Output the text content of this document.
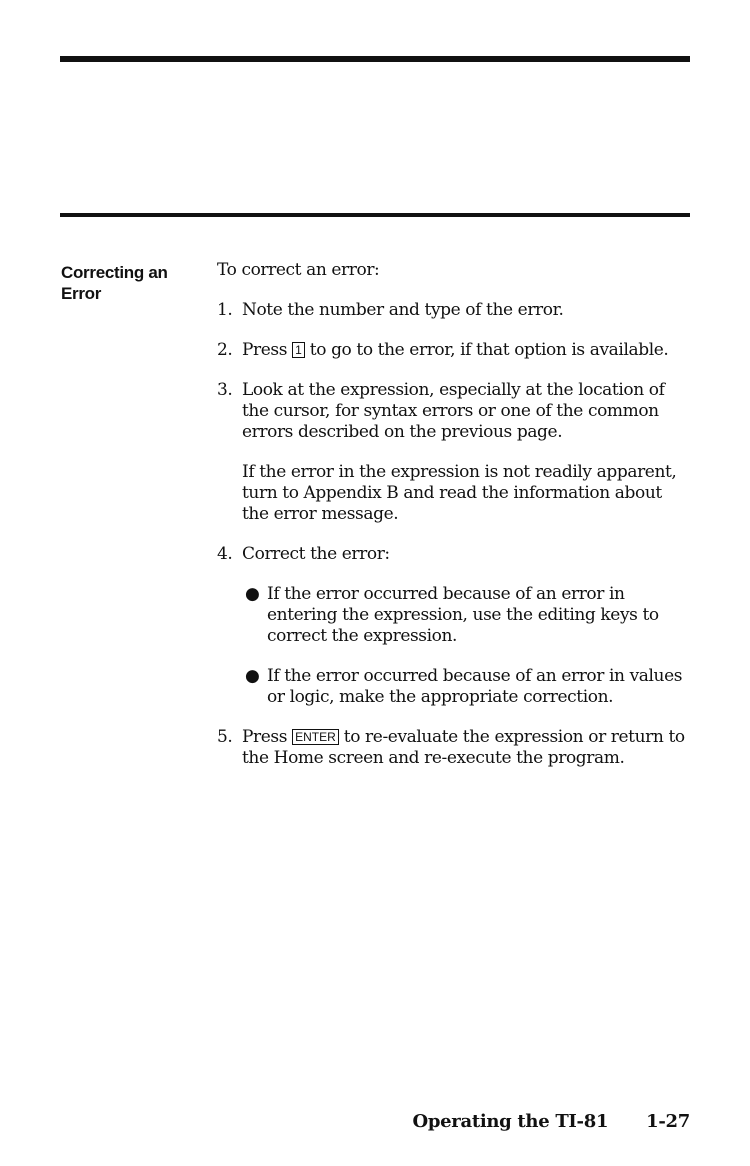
Correcting an Error

To correct an error:

1. Note the number and type of the error.
2. Press 1 to go to the error, if that option is available.
3. Look at the expression, especially at the location of the cursor, for syntax errors or one of the common errors described on the previous page.
If the error in the expression is not readily apparent, turn to Appendix B and read the information about the error message.
4. Correct the error:
● If the error occurred because of an error in entering the expression, use the editing keys to correct the expression.
● If the error occurred because of an error in values or logic, make the appropriate correction.
5. Press ENTER to re-evaluate the expression or return to the Home screen and re-execute the program.
Operating the TI-81 1-27
